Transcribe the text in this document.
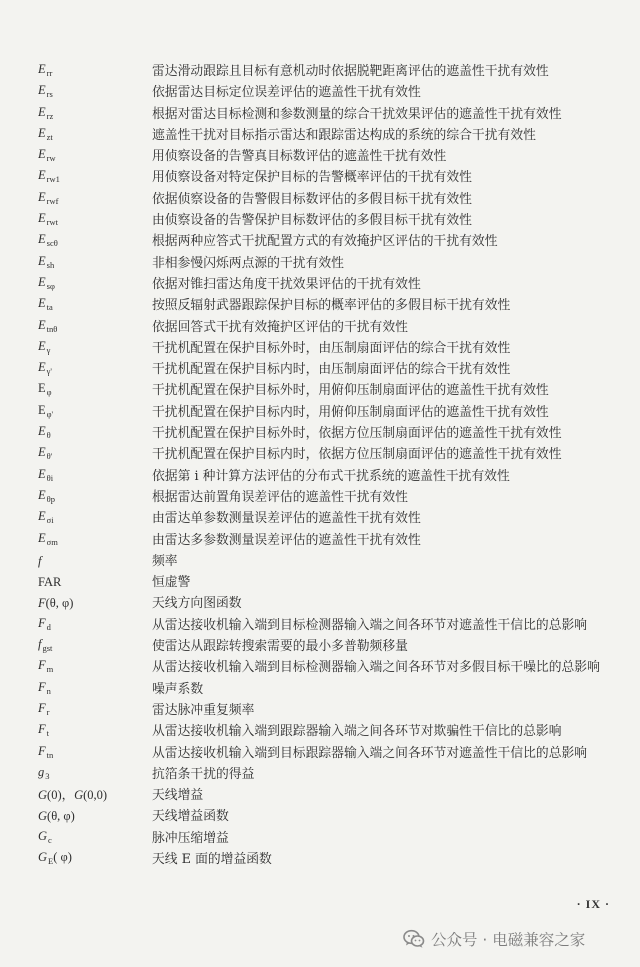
$E_{rr}$	雷达滑动跟踪且目标有意机动时依据脱靶距离评估的遮盖性干扰有效性
$E_{rs}$	依据雷达目标定位误差评估的遮盖性干扰有效性
$E_{rz}$	根据对雷达目标检测和参数测量的综合干扰效果评估的遮盖性干扰有效性
$E_{zt}$	遮盖性干扰对目标指示雷达和跟踪雷达构成的系统的综合干扰有效性
$E_{rw}$	用侦察设备的告警真目标数评估的遮盖性干扰有效性
$E_{rw1}$	用侦察设备对特定保护目标的告警概率评估的干扰有效性
$E_{rwf}$	依据侦察设备的告警假目标数评估的多假目标干扰有效性
$E_{rwt}$	由侦察设备的告警保护目标数评估的多假目标干扰有效性
$E_{sc\theta}$	根据两种应答式干扰配置方式的有效掩护区评估的干扰有效性
$E_{sh}$	非相参慢闪烁两点源的干扰有效性
$E_{s\varphi}$	依据对锥扫雷达角度干扰效果评估的干扰有效性
$E_{ta}$	按照反辐射武器跟踪保护目标的概率评估的多假目标干扰有效性
$E_{tn\theta}$	依据回答式干扰有效掩护区评估的干扰有效性
$E_\gamma$	干扰机配置在保护目标外时，由压制扇面评估的综合干扰有效性
$E_{\gamma'}$	干扰机配置在保护目标内时，由压制扇面评估的综合干扰有效性
$E_\varphi$	干扰机配置在保护目标外时，用俯仰压制扇面评估的遮盖性干扰有效性
$E_{\varphi'}$	干扰机配置在保护目标内时，用俯仰压制扇面评估的遮盖性干扰有效性
$E_\theta$	干扰机配置在保护目标外时，依据方位压制扇面评估的遮盖性干扰有效性
$E_{\theta'}$	干扰机配置在保护目标内时，依据方位压制扇面评估的遮盖性干扰有效性
$E_{\theta i}$	依据第 i 种计算方法评估的分布式干扰系统的遮盖性干扰有效性
$E_{\theta p}$	根据雷达前置角误差评估的遮盖性干扰有效性
$E_{\sigma i}$	由雷达单参数测量误差评估的遮盖性干扰有效性
$E_{\sigma m}$	由雷达多参数测量误差评估的遮盖性干扰有效性
f	频率
FAR	恒虚警
F(θ, φ)	天线方向图函数
$F_d$	从雷达接收机输入端到目标检测器输入端之间各环节对遮盖性干信比的总影响
$f_{gst}$	使雷达从跟踪转搜索需要的最小多普勒频移量
$F_m$	从雷达接收机输入端到目标检测器输入端之间各环节对多假目标干噪比的总影响
$F_n$	噪声系数
$F_r$	雷达脉冲重复频率
$F_t$	从雷达接收机输入端到跟踪器输入端之间各环节对欺骗性干信比的总影响
$F_{tn}$	从雷达接收机输入端到目标跟踪器输入端之间各环节对遮盖性干信比的总影响
$g_3$	抗箔条干扰的得益
G(0)，G(0,0)	天线增益
G(θ, φ)	天线增益函数
$G_c$	脉冲压缩增益
$G_E$( φ)	天线 E 面的增益函数
· IX ·
公众号 · 电磁兼容之家
